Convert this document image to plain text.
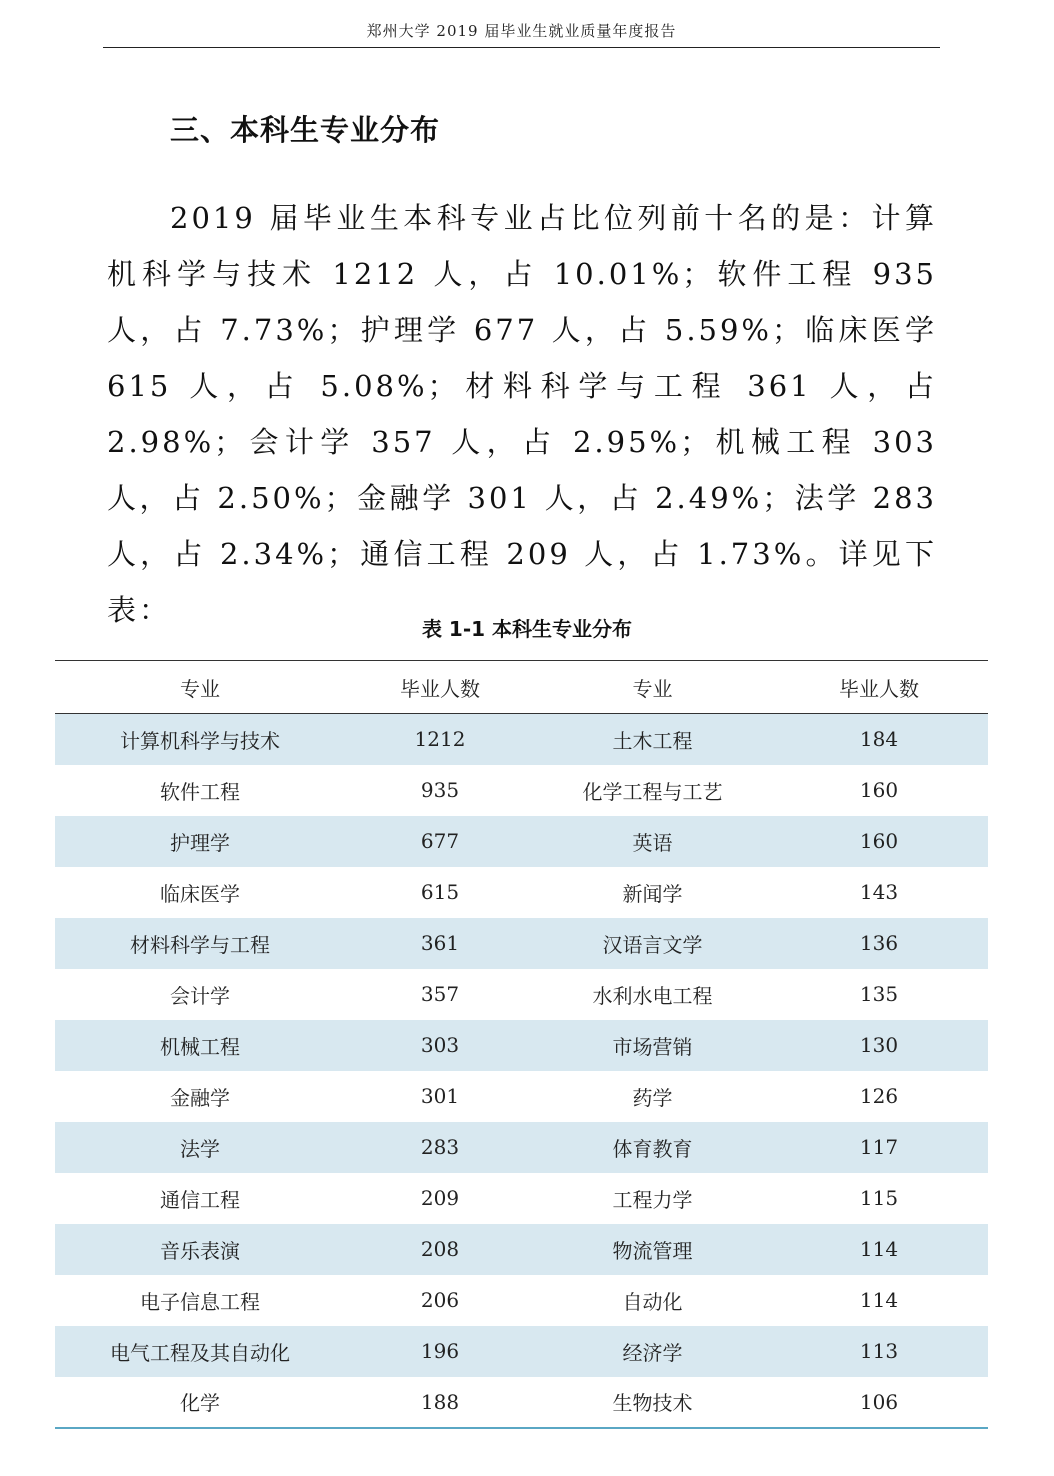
郑州大学 2019 届毕业生就业质量年度报告
三、本科生专业分布

2019 届毕业生本科专业占比位列前十名的是：计算机科学与技术 1212 人，占 10.01%；软件工程 935 人，占 7.73%；护理学 677 人，占 5.59%；临床医学 615 人，占 5.08%；材料科学与工程 361 人，占 2.98%；会计学 357 人，占 2.95%；机械工程 303 人，占 2.50%；金融学 301 人，占 2.49%；法学 283 人，占 2.34%；通信工程 209 人，占 1.73%。详见下表：

表 1-1 本科生专业分布
专业	毕业人数	专业	毕业人数
计算机科学与技术	1212	土木工程	184
软件工程	935	化学工程与工艺	160
护理学	677	英语	160
临床医学	615	新闻学	143
材料科学与工程	361	汉语言文学	136
会计学	357	水利水电工程	135
机械工程	303	市场营销	130
金融学	301	药学	126
法学	283	体育教育	117
通信工程	209	工程力学	115
音乐表演	208	物流管理	114
电子信息工程	206	自动化	114
电气工程及其自动化	196	经济学	113
化学	188	生物技术	106
